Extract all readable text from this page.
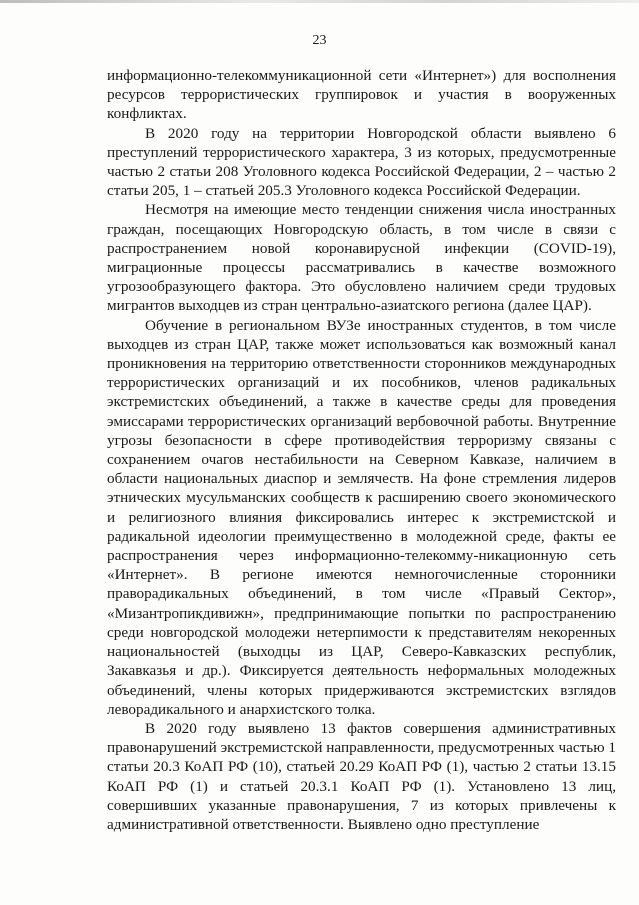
23

информационно-телекоммуникационной сети «Интернет») для восполнения ресурсов террористических группировок и участия в вооруженных конфликтах.

В 2020 году на территории Новгородской области выявлено 6 преступлений террористического характера, 3 из которых, предусмотренные частью 2 статьи 208 Уголовного кодекса Российской Федерации, 2 – частью 2 статьи 205, 1 – статьей 205.3 Уголовного кодекса Российской Федерации.

Несмотря на имеющие место тенденции снижения числа иностранных граждан, посещающих Новгородскую область, в том числе в связи с распространением новой коронавирусной инфекции (COVID-19), миграционные процессы рассматривались в качестве возможного угрозообразующего фактора. Это обусловлено наличием среди трудовых мигрантов выходцев из стран центрально-азиатского региона (далее ЦАР).

Обучение в региональном ВУЗе иностранных студентов, в том числе выходцев из стран ЦАР, также может использоваться как возможный канал проникновения на территорию ответственности сторонников международных террористических организаций и их пособников, членов радикальных экстремистских объединений, а также в качестве среды для проведения эмиссарами террористических организаций вербовочной работы. Внутренние угрозы безопасности в сфере противодействия терроризму связаны с сохранением очагов нестабильности на Северном Кавказе, наличием в области национальных диаспор и землячеств. На фоне стремления лидеров этнических мусульманских сообществ к расширению своего экономического и религиозного влияния фиксировались интерес к экстремистской и радикальной идеологии преимущественно в молодежной среде, факты ее распространения через информационно-телекомму-никационную сеть «Интернет». В регионе имеются немногочисленные сторонники праворадикальных объединений, в том числе «Правый Сектор», «Мизантропикдивижн», предпринимающие попытки по распространению среди новгородской молодежи нетерпимости к представителям некоренных национальностей (выходцы из ЦАР, Северо-Кавказских республик, Закавказья и др.). Фиксируется деятельность неформальных молодежных объединений, члены которых придерживаются экстремистских взглядов леворадикального и анархистского толка.

В 2020 году выявлено 13 фактов совершения административных правонарушений экстремистской направленности, предусмотренных частью 1 статьи 20.3 КоАП РФ (10), статьей 20.29 КоАП РФ (1), частью 2 статьи 13.15 КоАП РФ (1) и статьей 20.3.1 КоАП РФ (1). Установлено 13 лиц, совершивших указанные правонарушения, 7 из которых привлечены к административной ответственности. Выявлено одно преступление
